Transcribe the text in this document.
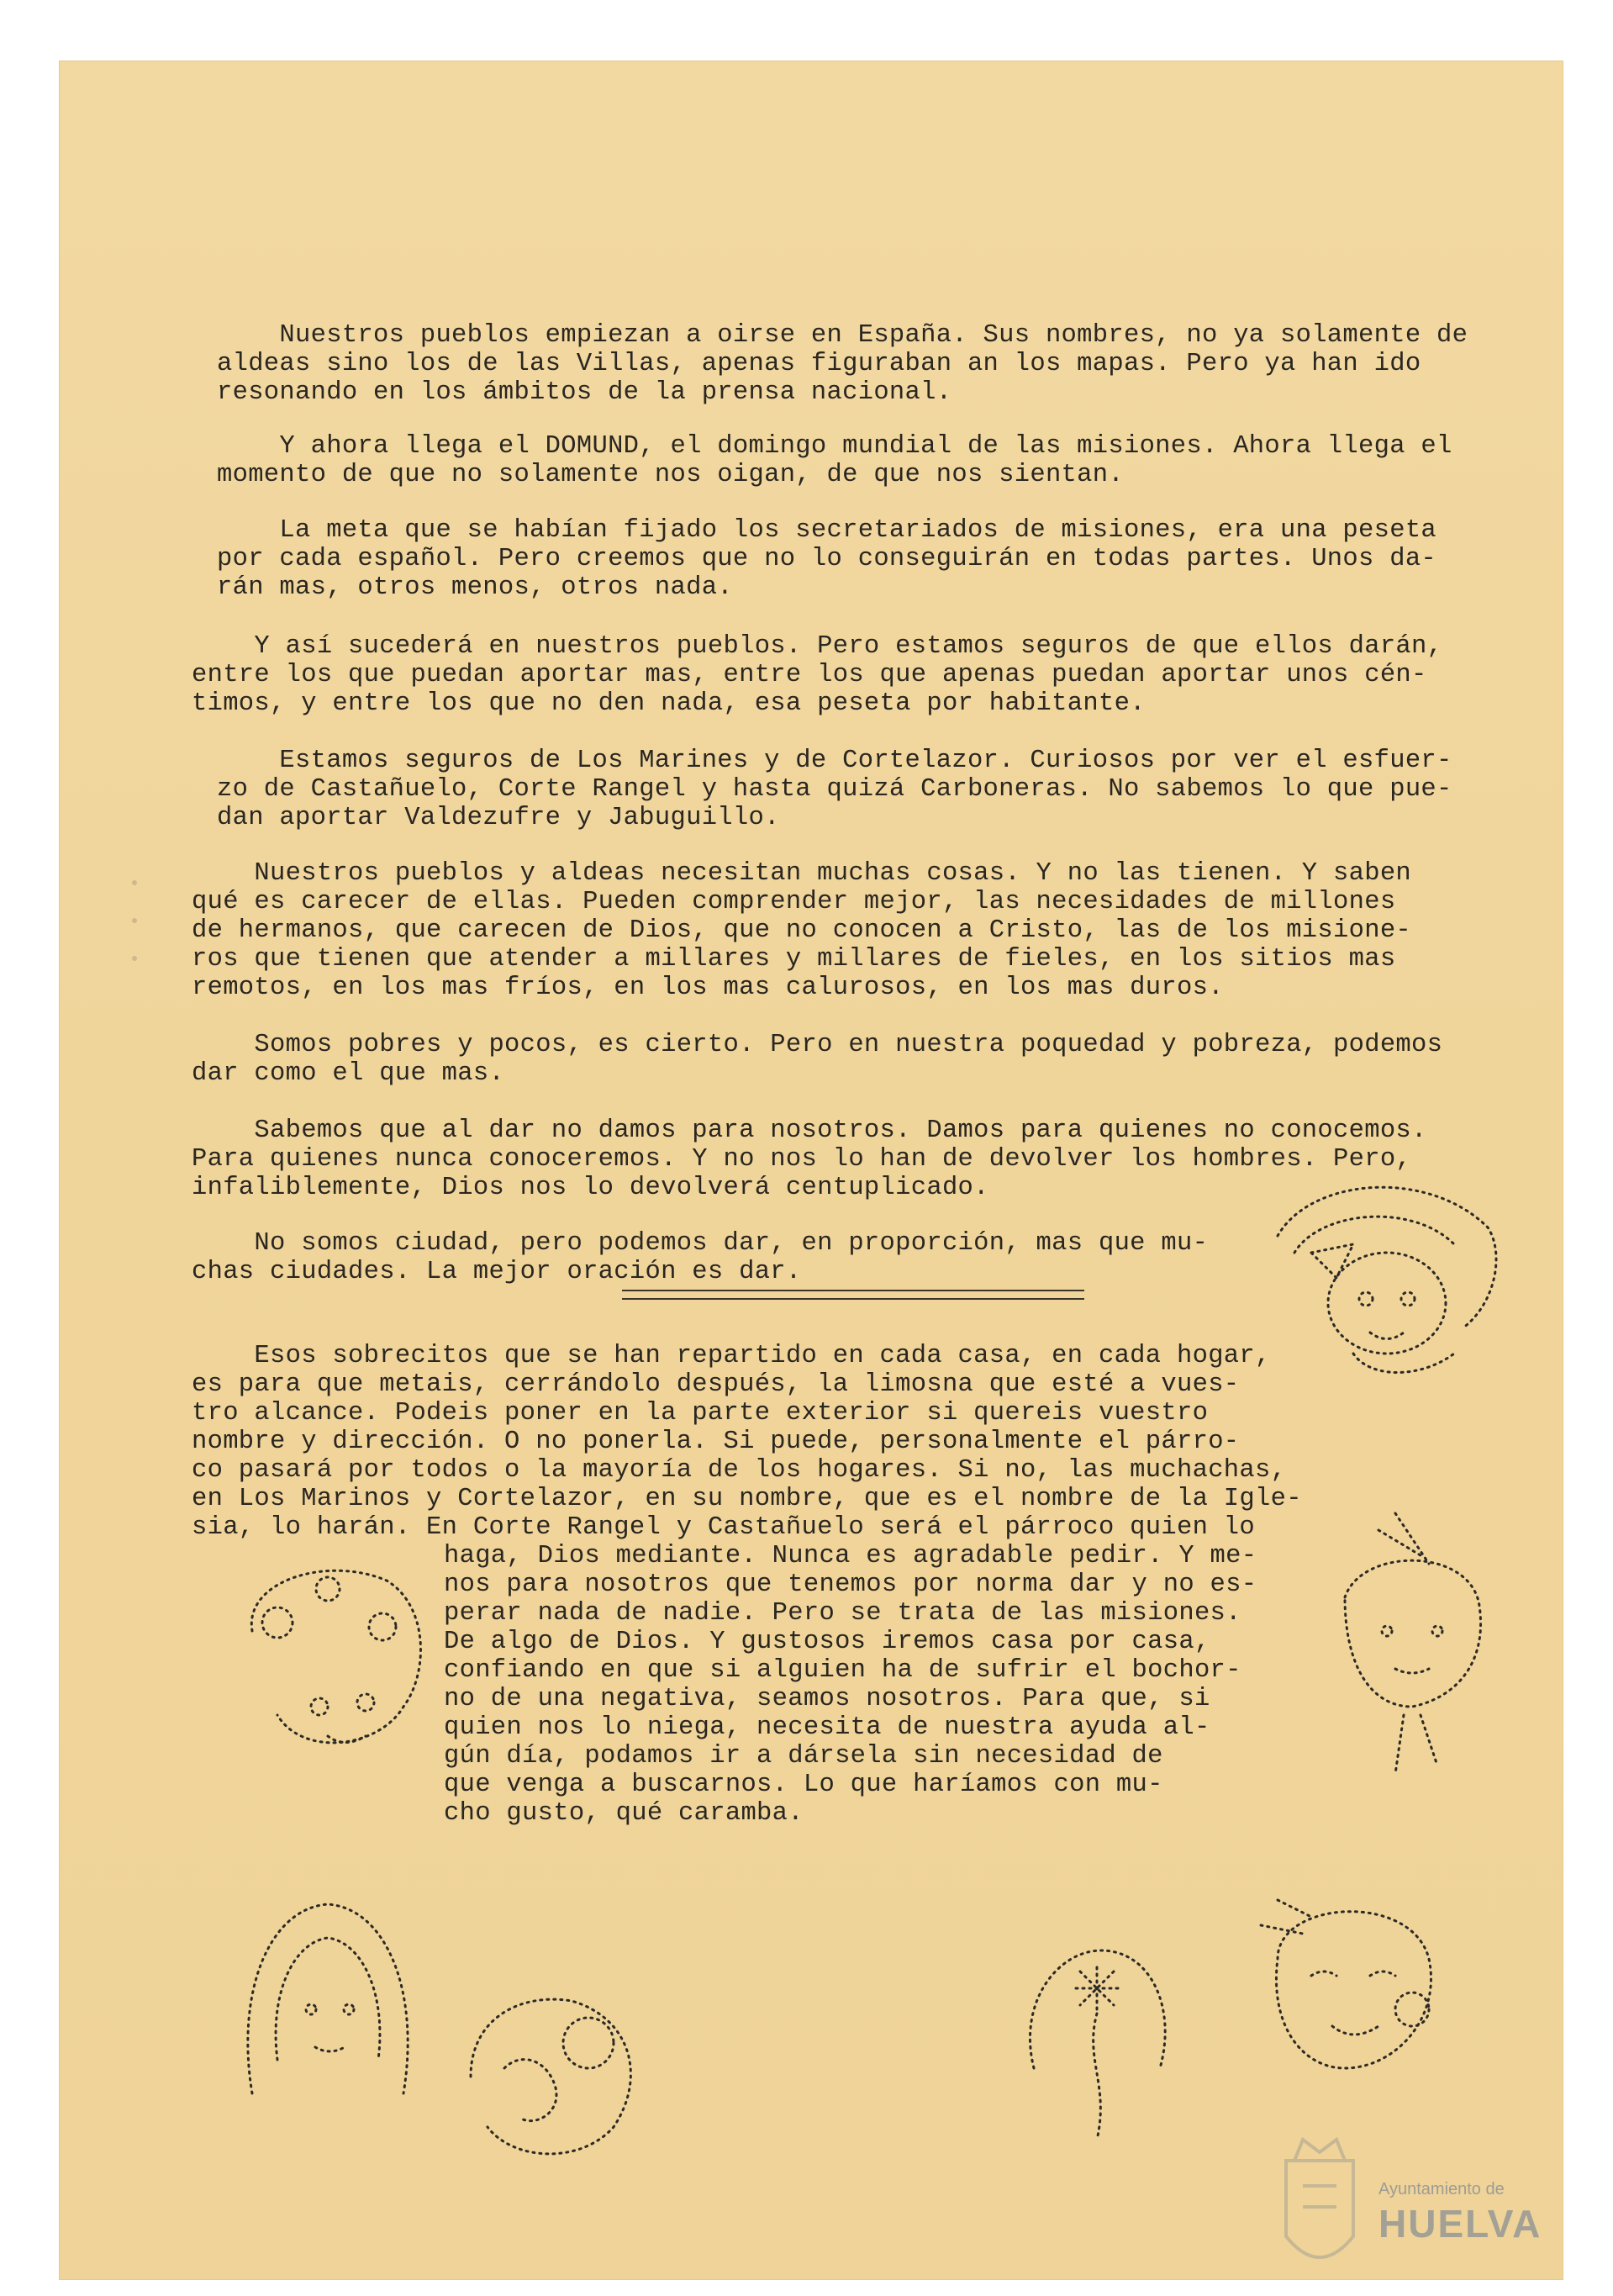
Nuestros pueblos empiezan a oirse en España. Sus nombres, no ya solamente de
aldeas sino los de las Villas, apenas figuraban an los mapas. Pero ya han ido
resonando en los ámbitos de la prensa nacional.
Y ahora llega el DOMUND, el domingo mundial de las misiones. Ahora llega el
momento de que no solamente nos oigan, de que nos sientan.
La meta que se habían fijado los secretariados de misiones, era una peseta
por cada español. Pero creemos que no lo conseguirán en todas partes. Unos da-
rán mas, otros menos, otros nada.
Y así sucederá en nuestros pueblos. Pero estamos seguros de que ellos darán,
entre los que puedan aportar mas, entre los que apenas puedan aportar unos cén-
timos, y entre los que no den nada, esa peseta por habitante.
Estamos seguros de Los Marines y de Cortelazor. Curiosos por ver el esfuer-
zo de Castañuelo, Corte Rangel y hasta quizá Carboneras. No sabemos lo que pue-
dan aportar Valdezufre y Jabuguillo.
Nuestros pueblos y aldeas necesitan muchas cosas. Y no las tienen. Y saben
qué es carecer de ellas. Pueden comprender mejor, las necesidades de millones
de hermanos, que carecen de Dios, que no conocen a Cristo, las de los misione-
ros que tienen que atender a millares y millares de fieles, en los sitios mas
remotos, en los mas fríos, en los mas calurosos, en los mas duros.
Somos pobres y pocos, es cierto. Pero en nuestra poquedad y pobreza, podemos
dar como el que mas.
Sabemos que al dar no damos para nosotros. Damos para quienes no conocemos.
Para quienes nunca conoceremos. Y no nos lo han de devolver los hombres. Pero,
infaliblemente, Dios nos lo devolverá centuplicado.
No somos ciudad, pero podemos dar, en proporción, mas que mu-
chas ciudades. La mejor oración es dar.
Esos sobrecitos que se han repartido en cada casa, en cada hogar,
es para que metais, cerrándolo después, la limosna que esté a vues-
tro alcance. Podeis poner en la parte exterior si quereis vuestro
nombre y dirección. O no ponerla. Si puede, personalmente el párro-
co pasará por todos o la mayoría de los hogares. Si no, las muchachas,
en Los Marinos y Cortelazor, en su nombre, que es el nombre de la Igle-
sia, lo harán. En Corte Rangel y Castañuelo será el párroco quien lo
haga, Dios mediante. Nunca es agradable pedir. Y me-
nos para nosotros que tenemos por norma dar y no es-
perar nada de nadie. Pero se trata de las misiones.
De algo de Dios. Y gustosos iremos casa por casa,
confiando en que si alguien ha de sufrir el bochor-
no de una negativa, seamos nosotros. Para que, si
quien nos lo niega, necesita de nuestra ayuda al-
gún día, podamos ir a dársela sin necesidad de
que venga a buscarnos. Lo que haríamos con mu-
cho gusto, qué caramba.
Ayuntamiento de
HUELVA
